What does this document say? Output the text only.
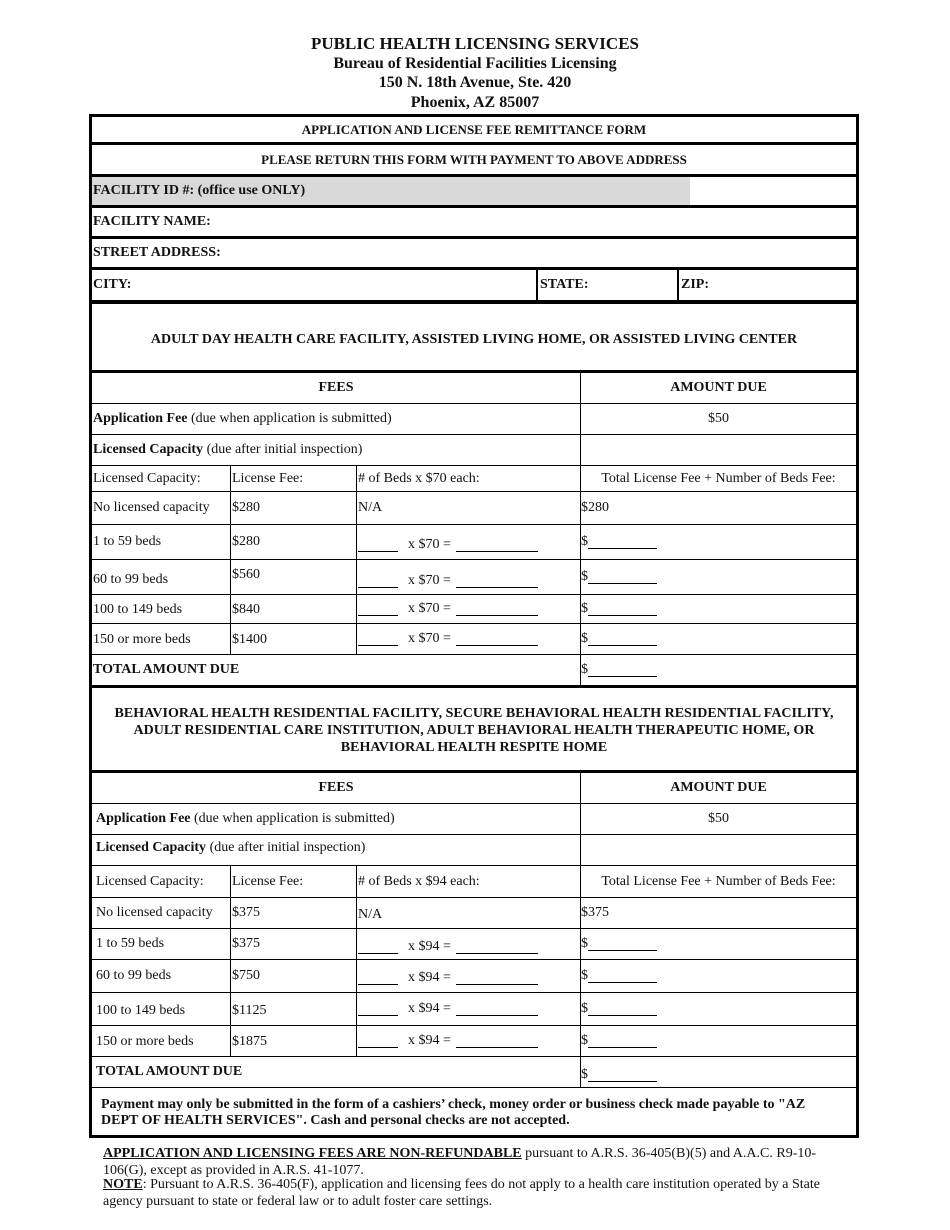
PUBLIC HEALTH LICENSING SERVICES
Bureau of Residential Facilities Licensing
150 N. 18th Avenue, Ste. 420
Phoenix, AZ 85007
APPLICATION AND LICENSE FEE REMITTANCE FORM
PLEASE RETURN THIS FORM WITH PAYMENT TO ABOVE ADDRESS
FACILITY ID #: (office use ONLY)
FACILITY NAME:
STREET ADDRESS:
CITY:	STATE:	ZIP:
ADULT DAY HEALTH CARE FACILITY, ASSISTED LIVING HOME, OR ASSISTED LIVING CENTER
FEES	AMOUNT DUE
Application Fee (due when application is submitted)	$50
Licensed Capacity (due after initial inspection)
Licensed Capacity:	License Fee:	# of Beds x $70 each:	Total License Fee + Number of Beds Fee:
No licensed capacity	$280	N/A	$280
1 to 59 beds	$280	x $70 =	$
60 to 99 beds	$560	x $70 =	$
100 to 149 beds	$840	x $70 =	$
150 or more beds	$1400	x $70 =	$
TOTAL AMOUNT DUE	$
BEHAVIORAL HEALTH RESIDENTIAL FACILITY, SECURE BEHAVIORAL HEALTH RESIDENTIAL FACILITY,
ADULT RESIDENTIAL CARE INSTITUTION, ADULT BEHAVIORAL HEALTH THERAPEUTIC HOME, OR
BEHAVIORAL HEALTH RESPITE HOME
FEES	AMOUNT DUE
Application Fee (due when application is submitted)	$50
Licensed Capacity (due after initial inspection)
Licensed Capacity:	License Fee:	# of Beds x $94 each:	Total License Fee + Number of Beds Fee:
No licensed capacity	$375	N/A	$375
1 to 59 beds	$375	x $94 =	$
60 to 99 beds	$750	x $94 =	$
100 to 149 beds	$1125	x $94 =	$
150 or more beds	$1875	x $94 =	$
TOTAL AMOUNT DUE	$
Payment may only be submitted in the form of a cashiers’ check, money order or business check made payable to "AZ DEPT OF HEALTH SERVICES". Cash and personal checks are not accepted.
APPLICATION AND LICENSING FEES ARE NON-REFUNDABLE pursuant to A.R.S. 36-405(B)(5) and A.A.C. R9-10-106(G), except as provided in A.R.S. 41-1077.
NOTE: Pursuant to A.R.S. 36-405(F), application and licensing fees do not apply to a health care institution operated by a State agency pursuant to state or federal law or to adult foster care settings.
